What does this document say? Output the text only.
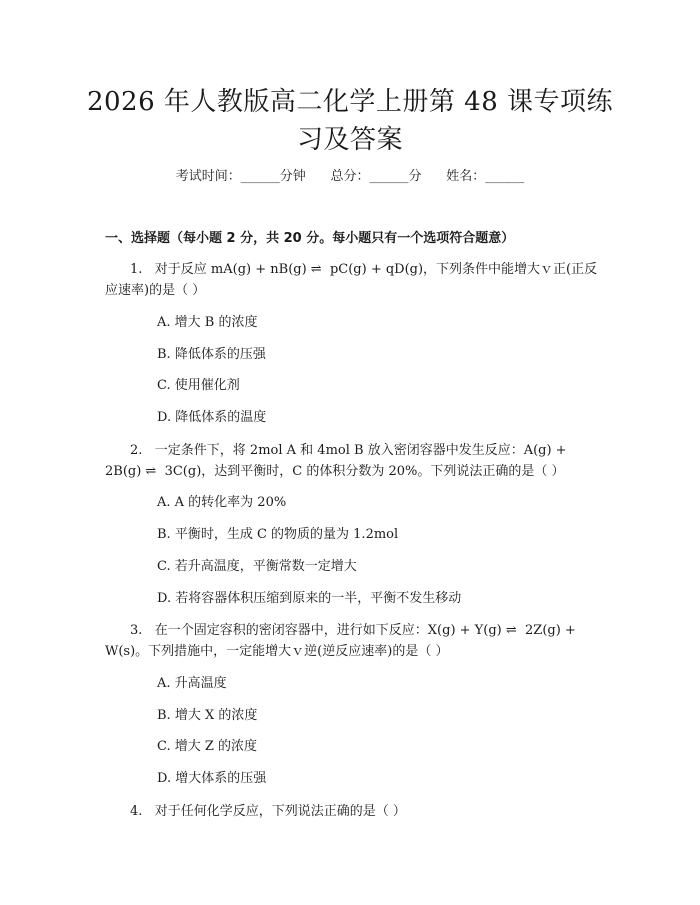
2026 年人教版高二化学上册第 48 课专项练
习及答案
考试时间：______分钟      总分：______分      姓名：______
一、选择题（每小题 2 分，共 20 分。每小题只有一个选项符合题意）
1.   对于反应 mA(g) + nB(g) ⇌  pC(g) + qD(g)，下列条件中能增大ｖ正(正反应速率)的是（ ）
A. 增大 B 的浓度
B. 降低体系的压强
C. 使用催化剂
D. 降低体系的温度
2.   一定条件下，将 2mol A 和 4mol B 放入密闭容器中发生反应：A(g) + 2B(g) ⇌  3C(g)，达到平衡时，C 的体积分数为 20%。下列说法正确的是（ ）
A. A 的转化率为 20%
B. 平衡时，生成 C 的物质的量为 1.2mol
C. 若升高温度，平衡常数一定增大
D. 若将容器体积压缩到原来的一半，平衡不发生移动
3.   在一个固定容积的密闭容器中，进行如下反应：X(g) + Y(g) ⇌  2Z(g) + W(s)。下列措施中，一定能增大ｖ逆(逆反应速率)的是（ ）
A. 升高温度
B. 增大 X 的浓度
C. 增大 Z 的浓度
D. 增大体系的压强
4.   对于任何化学反应，下列说法正确的是（ ）
